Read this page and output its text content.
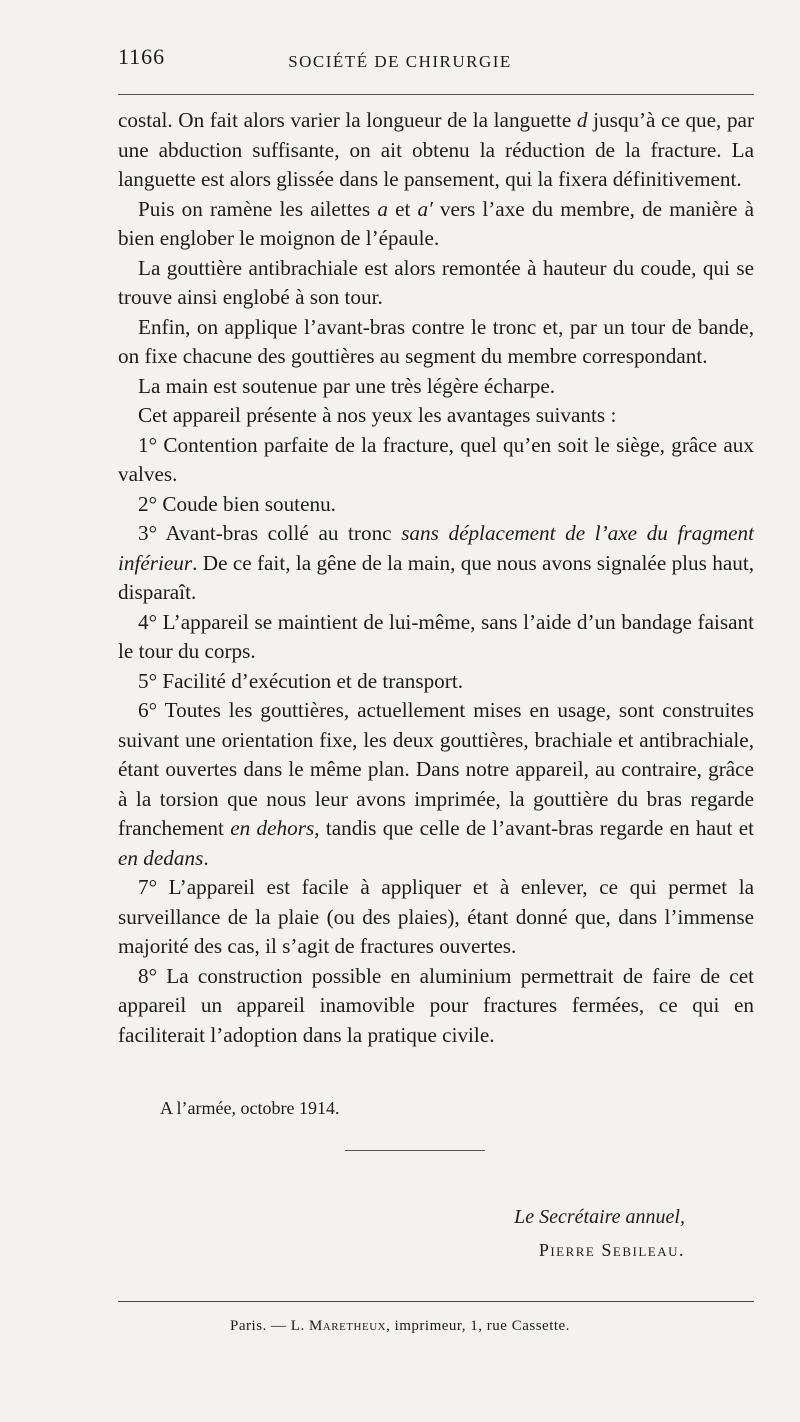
1166	SOCIÉTÉ DE CHIRURGIE

costal. On fait alors varier la longueur de la languette d jusqu’à ce que, par une abduction suffisante, on ait obtenu la réduction de la fracture. La languette est alors glissée dans le pansement, qui la fixera définitivement.

Puis on ramène les ailettes a et a′ vers l’axe du membre, de manière à bien englober le moignon de l’épaule.

La gouttière antibrachiale est alors remontée à hauteur du coude, qui se trouve ainsi englobé à son tour.

Enfin, on applique l’avant-bras contre le tronc et, par un tour de bande, on fixe chacune des gouttières au segment du membre correspondant.

La main est soutenue par une très légère écharpe.

Cet appareil présente à nos yeux les avantages suivants :

1° Contention parfaite de la fracture, quel qu’en soit le siège, grâce aux valves.

2° Coude bien soutenu.

3° Avant-bras collé au tronc sans déplacement de l’axe du fragment inférieur. De ce fait, la gêne de la main, que nous avons signalée plus haut, disparaît.

4° L’appareil se maintient de lui-même, sans l’aide d’un bandage faisant le tour du corps.

5° Facilité d’exécution et de transport.

6° Toutes les gouttières, actuellement mises en usage, sont construites suivant une orientation fixe, les deux gouttières, brachiale et antibrachiale, étant ouvertes dans le même plan. Dans notre appareil, au contraire, grâce à la torsion que nous leur avons imprimée, la gouttière du bras regarde franchement en dehors, tandis que celle de l’avant-bras regarde en haut et en dedans.

7° L’appareil est facile à appliquer et à enlever, ce qui permet la surveillance de la plaie (ou des plaies), étant donné que, dans l’immense majorité des cas, il s’agit de fractures ouvertes.

8° La construction possible en aluminium permettrait de faire de cet appareil un appareil inamovible pour fractures fermées, ce qui en faciliterait l’adoption dans la pratique civile.

A l’armée, octobre 1914.
Le Secrétaire annuel,
Pierre Sebileau.
Paris. — L. Maretheux, imprimeur, 1, rue Cassette.
